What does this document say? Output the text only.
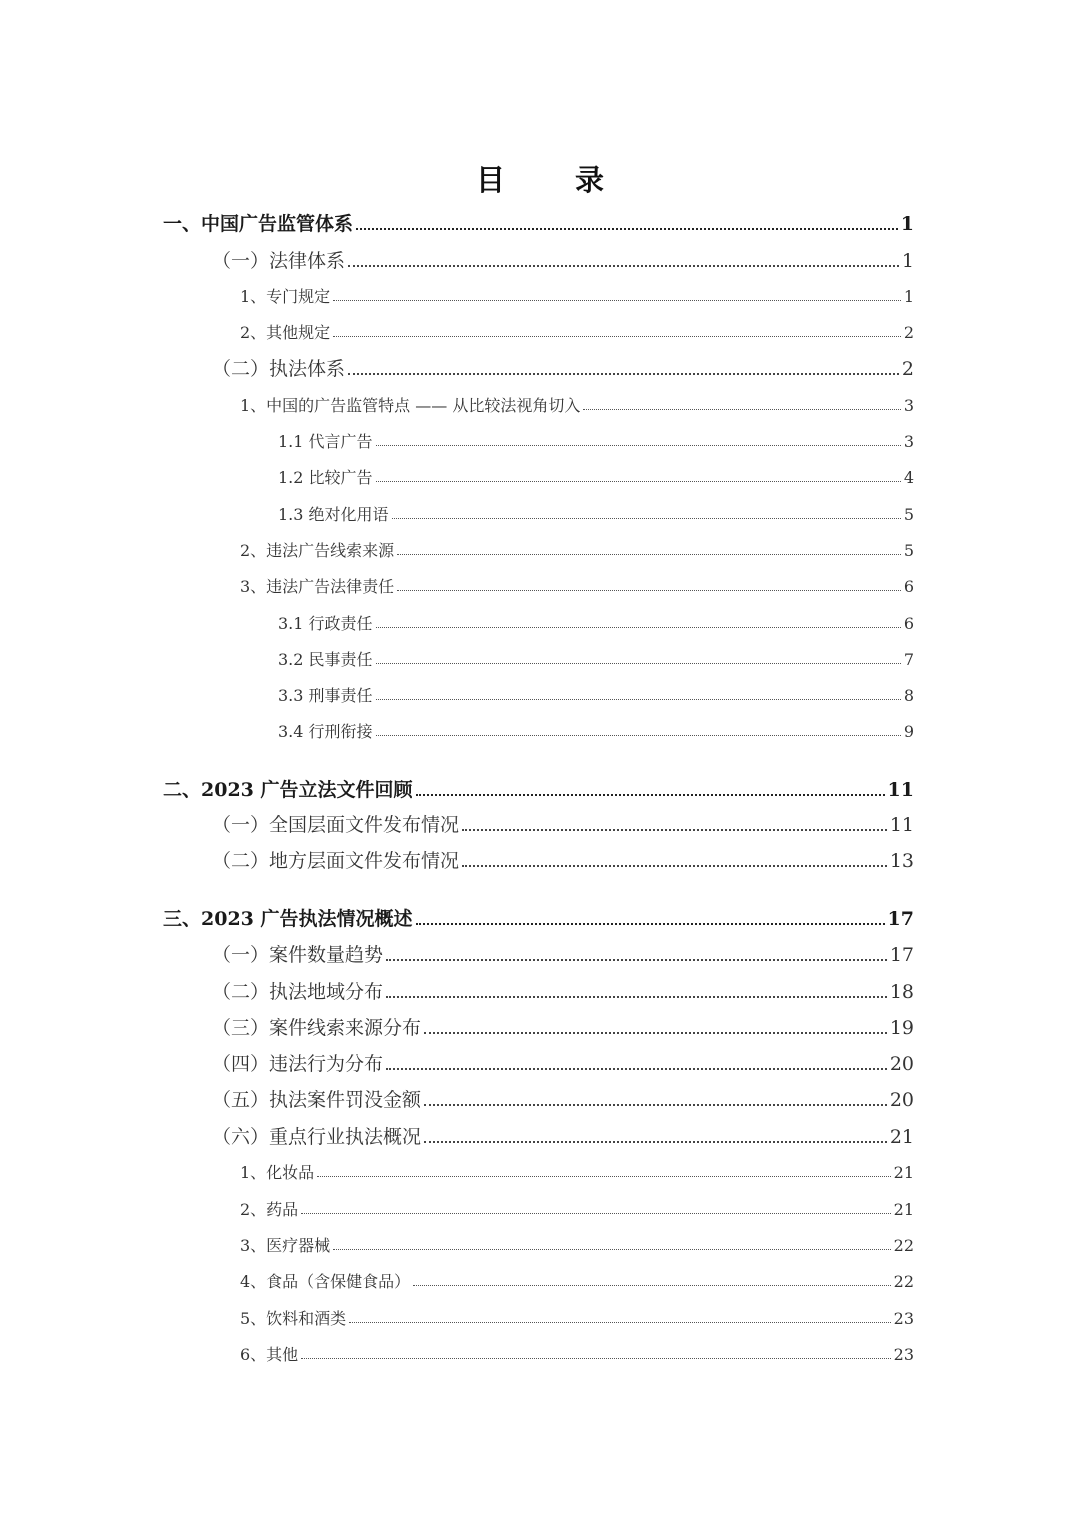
目 录
一、中国广告监管体系	1
（一）法律体系	1
1、专门规定	1
2、其他规定	2
（二）执法体系	2
1、中国的广告监管特点 —— 从比较法视角切入	3
1.1 代言广告	3
1.2 比较广告	4
1.3 绝对化用语	5
2、违法广告线索来源	5
3、违法广告法律责任	6
3.1 行政责任	6
3.2 民事责任	7
3.3 刑事责任	8
3.4 行刑衔接	9
二、2023 广告立法文件回顾	11
（一）全国层面文件发布情况	11
（二）地方层面文件发布情况	13
三、2023 广告执法情况概述	17
（一）案件数量趋势	17
（二）执法地域分布	18
（三）案件线索来源分布	19
（四）违法行为分布	20
（五）执法案件罚没金额	20
（六）重点行业执法概况	21
1、化妆品	21
2、药品	21
3、医疗器械	22
4、食品（含保健食品）	22
5、饮料和酒类	23
6、其他	23
